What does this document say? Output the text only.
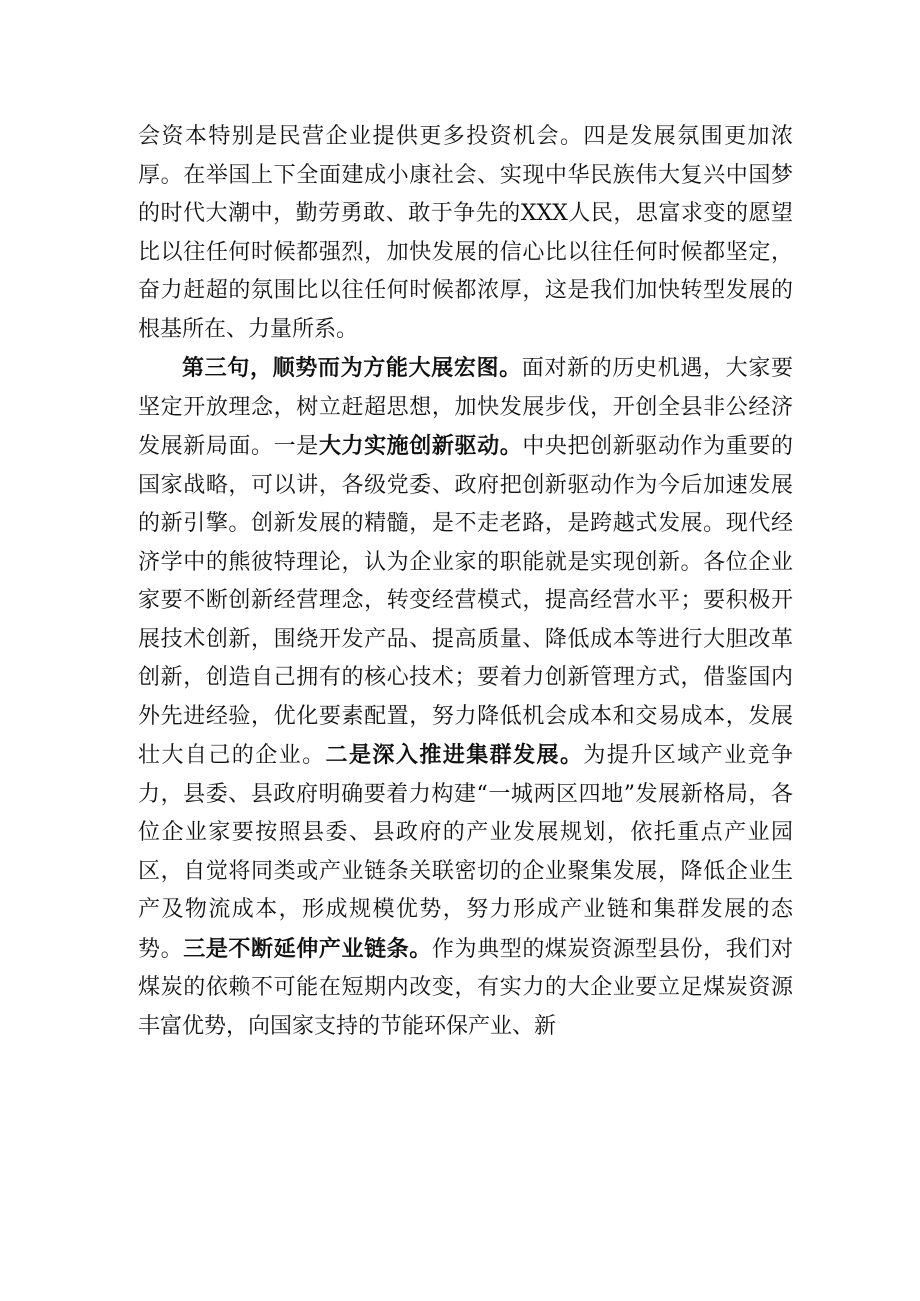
会资本特别是民营企业提供更多投资机会。四是发展氛围更加浓厚。在举国上下全面建成小康社会、实现中华民族伟大复兴中国梦的时代大潮中，勤劳勇敢、敢于争先的XXX人民，思富求变的愿望比以往任何时候都强烈，加快发展的信心比以往任何时候都坚定，奋力赶超的氛围比以往任何时候都浓厚，这是我们加快转型发展的根基所在、力量所系。

第三句，顺势而为方能大展宏图。面对新的历史机遇，大家要坚定开放理念，树立赶超思想，加快发展步伐，开创全县非公经济发展新局面。一是大力实施创新驱动。中央把创新驱动作为重要的国家战略，可以讲，各级党委、政府把创新驱动作为今后加速发展的新引擎。创新发展的精髓，是不走老路，是跨越式发展。现代经济学中的熊彼特理论，认为企业家的职能就是实现创新。各位企业家要不断创新经营理念，转变经营模式，提高经营水平；要积极开展技术创新，围绕开发产品、提高质量、降低成本等进行大胆改革创新，创造自己拥有的核心技术；要着力创新管理方式，借鉴国内外先进经验，优化要素配置，努力降低机会成本和交易成本，发展壮大自己的企业。二是深入推进集群发展。为提升区域产业竞争力，县委、县政府明确要着力构建“一城两区四地”发展新格局，各位企业家要按照县委、县政府的产业发展规划，依托重点产业园区，自觉将同类或产业链条关联密切的企业聚集发展，降低企业生产及物流成本，形成规模优势，努力形成产业链和集群发展的态势。三是不断延伸产业链条。作为典型的煤炭资源型县份，我们对煤炭的依赖不可能在短期内改变，有实力的大企业要立足煤炭资源丰富优势，向国家支持的节能环保产业、新
